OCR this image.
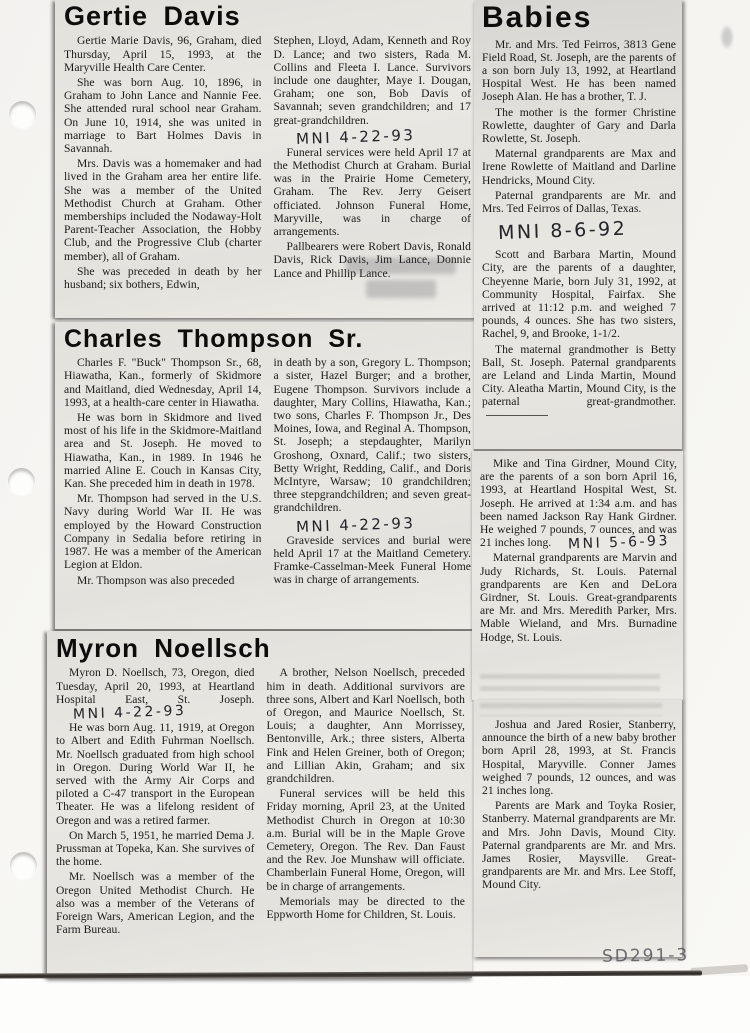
Gertie Davis

Gertie Marie Davis, 96, Graham, died Thursday, April 15, 1993, at the Maryville Health Care Center.

She was born Aug. 10, 1896, in Graham to John Lance and Nannie Fee. She attended rural school near Graham. On June 10, 1914, she was united in marriage to Bart Holmes Davis in Savannah.

Mrs. Davis was a homemaker and had lived in the Graham area her entire life. She was a member of the United Methodist Church at Graham. Other memberships included the Nodaway-Holt Parent-Teacher Association, the Hobby Club, and the Progressive Club (charter member), all of Graham.

She was preceded in death by her husband; six bothers, Edwin,

Stephen, Lloyd, Adam, Kenneth and Roy D. Lance; and two sisters, Rada M. Collins and Fleeta I. Lance. Survivors include one daughter, Maye I. Dougan, Graham; one son, Bob Davis of Savannah; seven grandchildren; and 17 great-grandchildren.

MNI 4-22-93

Funeral services were held April 17 at the Methodist Church at Graham. Burial was in the Prairie Home Cemetery, Graham. The Rev. Jerry Geisert officiated. Johnson Funeral Home, Maryville, was in charge of arrangements.

Pallbearers were Robert Davis, Ronald Davis, Rick Davis, Jim Lance, Donnie Lance and Phillip Lance.

Charles Thompson Sr.

Charles F. "Buck" Thompson Sr., 68, Hiawatha, Kan., formerly of Skidmore and Maitland, died Wednesday, April 14, 1993, at a health-care center in Hiawatha.

He was born in Skidmore and lived most of his life in the Skidmore-Maitland area and St. Joseph. He moved to Hiawatha, Kan., in 1989. In 1946 he married Aline E. Couch in Kansas City, Kan. She preceded him in death in 1978.

Mr. Thompson had served in the U.S. Navy during World War II. He was employed by the Howard Construction Company in Sedalia before retiring in 1987. He was a member of the American Legion at Eldon.

Mr. Thompson was also preceded

in death by a son, Gregory L. Thompson; a sister, Hazel Burger; and a brother, Eugene Thompson. Survivors include a daughter, Mary Collins, Hiawatha, Kan.; two sons, Charles F. Thompson Jr., Des Moines, Iowa, and Reginal A. Thompson, St. Joseph; a stepdaughter, Marilyn Groshong, Oxnard, Calif.; two sisters, Betty Wright, Redding, Calif., and Doris McIntyre, Warsaw; 10 grandchildren; three stepgrandchildren; and seven great-grandchildren.

MNI 4-22-93

Graveside services and burial were held April 17 at the Maitland Cemetery. Framke-Casselman-Meek Funeral Home was in charge of arrangements.

Myron Noellsch

Myron D. Noellsch, 73, Oregon, died Tuesday, April 20, 1993, at Heartland Hospital East, St. Joseph.MNI 4-22-93

He was born Aug. 11, 1919, at Oregon to Albert and Edith Fuhrman Noellsch. Mr. Noellsch graduated from high school in Oregon. During World War II, he served with the Army Air Corps and piloted a C-47 transport in the European Theater. He was a lifelong resident of Oregon and was a retired farmer.

On March 5, 1951, he married Dema J. Prussman at Topeka, Kan. She survives of the home.

Mr. Noellsch was a member of the Oregon United Methodist Church. He also was a member of the Veterans of Foreign Wars, American Legion, and the Farm Bureau.

A brother, Nelson Noellsch, preceded him in death. Additional survivors are three sons, Albert and Karl Noellsch, both of Oregon, and Maurice Noellsch, St. Louis; a daughter, Ann Morrissey, Bentonville, Ark.; three sisters, Alberta Fink and Helen Greiner, both of Oregon; and Lillian Akin, Graham; and six grandchildren.

Funeral services will be held this Friday morning, April 23, at the United Methodist Church in Oregon at 10:30 a.m. Burial will be in the Maple Grove Cemetery, Oregon. The Rev. Dan Faust and the Rev. Joe Munshaw will officiate. Chamberlain Funeral Home, Oregon, will be in charge of arrangements.

Memorials may be directed to the Eppworth Home for Children, St. Louis.

Babies

Mr. and Mrs. Ted Feirros, 3813 Gene Field Road, St. Joseph, are the parents of a son born July 13, 1992, at Heartland Hospital West. He has been named Joseph Alan. He has a brother, T. J.

The mother is the former Christine Rowlette, daughter of Gary and Darla Rowlette, St. Joseph.

Maternal grandparents are Max and Irene Rowlette of Maitland and Darline Hendricks, Mound City.

Paternal grandparents are Mr. and Mrs. Ted Feirros of Dallas, Texas.

MNI 8-6-92

Scott and Barbara Martin, Mound City, are the parents of a daughter, Cheyenne Marie, born July 31, 1992, at Community Hospital, Fairfax. She arrived at 11:12 p.m. and weighed 7 pounds, 4 ounces. She has two sisters, Rachel, 9, and Brooke, 1-1/2.

The maternal grandmother is Betty Ball, St. Joseph. Paternal grandparents are Leland and Linda Martin, Mound City. Aleatha Martin, Mound City, is the paternal great-grandmother.

Mike and Tina Girdner, Mound City, are the parents of a son born April 16, 1993, at Heartland Hospital West, St. Joseph. He arrived at 1:34 a.m. and has been named Jackson Ray Hank Girdner. He weighed 7 pounds, 7 ounces, and was 21 inches long. MNI 5-6-93

Maternal grandparents are Marvin and Judy Richards, St. Louis. Paternal grandparents are Ken and DeLora Girdner, St. Louis. Great-grandparents are Mr. and Mrs. Meredith Parker, Mrs. Mable Wieland, and Mrs. Burnadine Hodge, St. Louis.

Joshua and Jared Rosier, Stanberry, announce the birth of a new baby brother born April 28, 1993, at St. Francis Hospital, Maryville. Conner James weighed 7 pounds, 12 ounces, and was 21 inches long.

Parents are Mark and Toyka Rosier, Stanberry. Maternal grandparents are Mr. and Mrs. John Davis, Mound City. Paternal grandparents are Mr. and Mrs. James Rosier, Maysville. Great-grandparents are Mr. and Mrs. Lee Stoff, Mound City.

SD291-3
